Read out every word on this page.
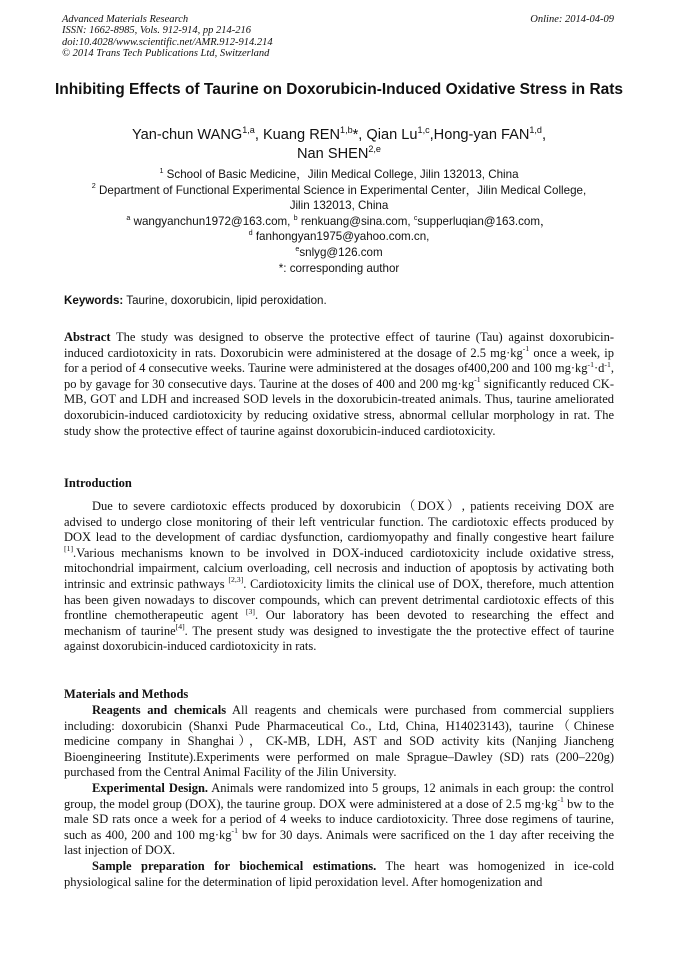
Advanced Materials Research
ISSN: 1662-8985, Vols. 912-914, pp 214-216
doi:10.4028/www.scientific.net/AMR.912-914.214
© 2014 Trans Tech Publications Ltd, Switzerland
Online: 2014-04-09
Inhibiting Effects of Taurine on Doxorubicin-Induced Oxidative Stress in Rats
Yan-chun WANG$^{1,a}$, Kuang REN$^{1,b}$*, Qian Lu$^{1,c}$,Hong-yan FAN$^{1,d}$,
Nan SHEN$^{2,e}$
$^1$ School of Basic Medicine，Jilin Medical College, Jilin 132013, China
$^2$ Department of Functional Experimental Science in Experimental Center，Jilin Medical College,
Jilin 132013, China
$^a$ wangyanchun1972@163.com, $^b$ renkuang@sina.com, $^c$supperluqian@163.com，
$^d$ fanhongyan1975@yahoo.com.cn,
$^e$snlyg@126.com
*: corresponding author
Keywords: Taurine, doxorubicin, lipid peroxidation.
Abstract The study was designed to observe the protective effect of taurine (Tau) against doxorubicin-induced cardiotoxicity in rats. Doxorubicin were administered at the dosage of 2.5 $mg\cdot kg^{-1}$ once a week, ip for a period of 4 consecutive weeks. Taurine were administered at the dosages of400,200 and 100 $mg\cdot kg^{-1}\cdot d^{-1}$, po by gavage for 30 consecutive days. Taurine at the doses of 400 and 200 $mg\cdot kg^{-1}$ significantly reduced CK-MB, GOT and LDH and increased SOD levels in the doxorubicin-treated animals. Thus, taurine ameliorated doxorubicin-induced cardiotoxicity by reducing oxidative stress, abnormal cellular morphology in rat. The study show the protective effect of taurine against doxorubicin-induced cardiotoxicity.
Introduction
Due to severe cardiotoxic effects produced by doxorubicin（DOX）, patients receiving DOX are advised to undergo close monitoring of their left ventricular function. The cardiotoxic effects produced by DOX lead to the development of cardiac dysfunction, cardiomyopathy and finally congestive heart failure [1].Various mechanisms known to be involved in DOX-induced cardiotoxicity include oxidative stress, mitochondrial impairment, calcium overloading, cell necrosis and induction of apoptosis by activating both intrinsic and extrinsic pathways [2,3]. Cardiotoxicity limits the clinical use of DOX, therefore, much attention has been given nowadays to discover compounds, which can prevent detrimental cardiotoxic effects of this frontline chemotherapeutic agent [3]. Our laboratory has been devoted to researching the effect and mechanism of taurine[4]. The present study was designed to investigate the the protective effect of taurine against doxorubicin-induced cardiotoxicity in rats.
Materials and Methods

Reagents and chemicals All reagents and chemicals were purchased from commercial suppliers including: doxorubicin (Shanxi Pude Pharmaceutical Co., Ltd, China, H14023143), taurine（Chinese medicine company in Shanghai），CK-MB, LDH, AST and SOD activity kits (Nanjing Jiancheng Bioengineering Institute).Experiments were performed on male Sprague–Dawley (SD) rats (200–220g) purchased from the Central Animal Facility of the Jilin University.

Experimental Design. Animals were randomized into 5 groups, 12 animals in each group: the control group, the model group (DOX), the taurine group. DOX were administered at a dose of 2.5 $mg\cdot kg^{-1}$ bw to the male SD rats once a week for a period of 4 weeks to induce cardiotoxicity. Three dose regimens of taurine, such as 400, 200 and 100 $mg\cdot kg^{-1}$ bw for 30 days. Animals were sacrificed on the 1 day after receiving the last injection of DOX.

Sample preparation for biochemical estimations. The heart was homogenized in ice-cold physiological saline for the determination of lipid peroxidation level. After homogenization and
